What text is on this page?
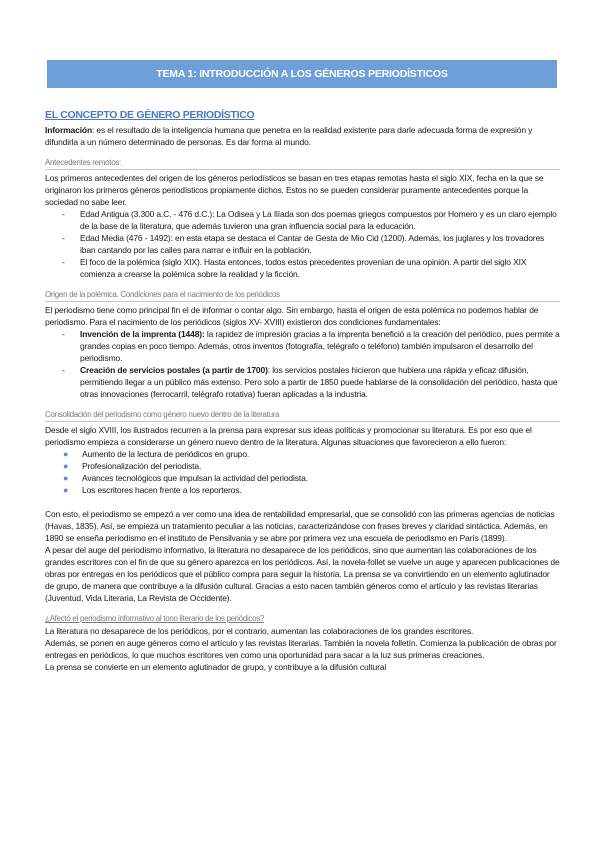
TEMA 1: INTRODUCCIÓN A LOS GÉNEROS PERIODÍSTICOS
EL CONCEPTO DE GÉNERO PERIODÍSTICO

Información: es el resultado de la inteligencia humana que penetra en la realidad existente para darle adecuada forma de expresión y difundirla a un número determinado de personas. Es dar forma al mundo.

Antecedentes remotos:

Los primeros antecedentes del origen de los géneros periodísticos se basan en tres etapas remotas hasta el siglo XIX, fecha en la que se originaron los primeros géneros periodísticos propiamente dichos. Estos no se pueden considerar puramente antecedentes porque la sociedad no sabe leer.

- Edad Antigua (3.300 a.C. - 476 d.C.): La Odisea y La Ilíada son dos poemas griegos compuestos por Homero y es un claro ejemplo de la base de la literatura, que además tuvieron una gran influencia social para la educación.
- Edad Media (476 - 1492): en esta etapa se destaca el Cantar de Gesta de Mio Cid (1200). Además, los juglares y los trovadores iban cantando por las calles para narrar e influir en la población.
- El foco de la polémica (siglo XIX). Hasta entonces, todos estos precedentes provenían de una opinión. A partir del siglo XIX comienza a crearse la polémica sobre la realidad y la ficción.
Origen de la polémica. Condiciones para el nacimiento de los periódicos

El periodismo tiene como principal fin el de informar o contar algo. Sin embargo, hasta el origen de esta polémica no podemos hablar de periodismo. Para el nacimiento de los periódicos (siglos XV- XVIII) existieron dos condiciones fundamentales:

- Invención de la imprenta (1448): la rapidez de impresión gracias a la imprenta benefició a la creación del periódico, pues permite a grandes copias en poco tiempo. Además, otros inventos (fotografía, telégrafo o teléfono) también impulsaron el desarrollo del periodismo.
- Creación de servicios postales (a partir de 1700): los servicios postales hicieron que hubiera una rápida y eficaz difusión, permitiendo llegar a un público más extenso. Pero solo a partir de 1850 puede hablarse de la consolidación del periódico, hasta que otras innovaciones (ferrocarril, telégrafo rotativa) fueran aplicadas a la industria.
Consolidación del periodismo como género nuevo dentro de la literatura

Desde el siglo XVIII, los ilustrados recurren a la prensa para expresar sus ideas políticas y promocionar su literatura. Es por eso que el periodismo empieza a considerarse un género nuevo dentro de la literatura. Algunas situaciones que favorecieron a ello fueron:

● Aumento de la lectura de periódicos en grupo.
● Profesionalización del periodista.
● Avances tecnológicos que impulsan la actividad del periodista.
● Los escritores hacen frente a los reporteros.

Con esto, el periodismo se empezó a ver como una idea de rentabilidad empresarial, que se consolidó con las primeras agencias de noticias (Havas, 1835). Así, se empieza un tratamiento peculiar a las noticias, caracterizándose con frases breves y claridad sintáctica. Además, en 1890 se enseña periodismo en el instituto de Pensilvania y se abre por primera vez una escuela de periodismo en París (1899).

A pesar del auge del periodismo informativo, la literatura no desaparece de los periódicos, sino que aumentan las colaboraciones de los grandes escritores con el fin de que su género aparezca en los periódicos. Así, la novela-follet se vuelve un auge y aparecen publicaciones de obras por entregas en los periódicos que el público compra para seguir la historia. La prensa se va convirtiendo en un elemento aglutinador de grupo, de manera que contribuye a la difusión cultural. Gracias a esto nacen también géneros como el artículo y las revistas literarias (Juventud, Vida Literaria, La Revista de Occidente).

¿Afectó el periodismo informativo al tono literario de los periódicos?

La literatura no desaparece de los periódicos, por el contrario, aumentan las colaboraciones de los grandes escritores.

Además, se ponen en auge géneros como el artículo y las revistas literarias. También la novela folletín. Comienza la publicación de obras por entregas en periódicos, lo que muchos escritores ven como una oportunidad para sacar a la luz sus primeras creaciones.

La prensa se convierte en un elemento aglutinador de grupo, y contribuye a la difusión cultural
